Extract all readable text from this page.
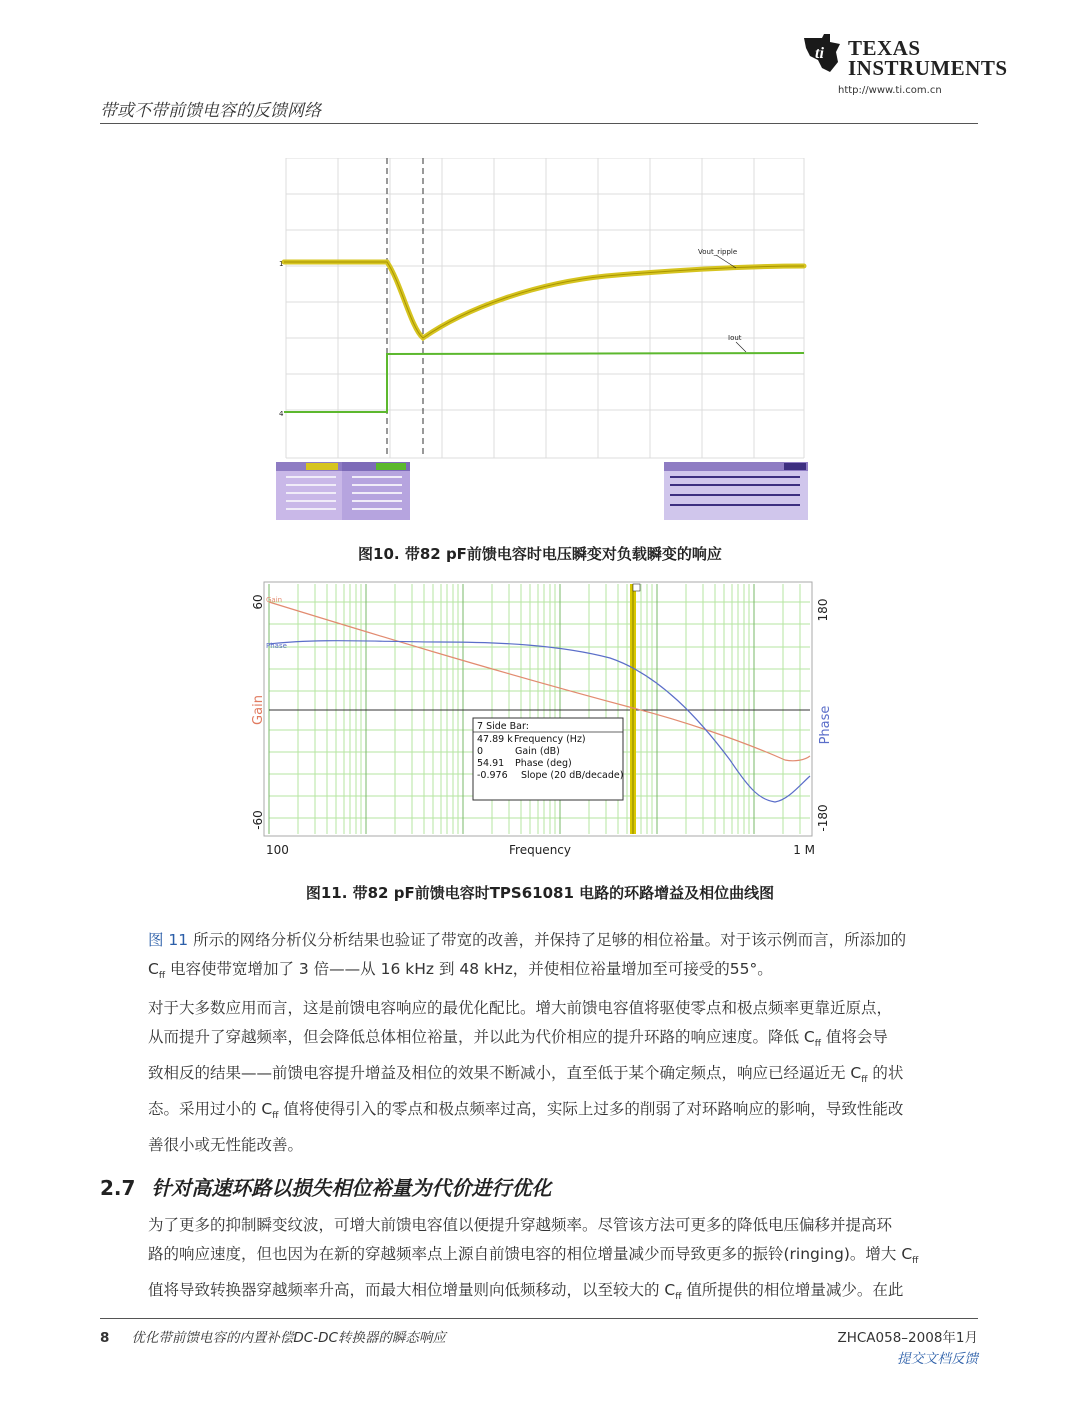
带或不带前馈电容的反馈网络
ti TEXAS
INSTRUMENTS
http://www.ti.com.cn
1
4
Vout_ripple
Iout
图10. 带82 pF前馈电容时电压瞬变对负载瞬变的响应
Gain
Phase
60
-60
Gain
180
-180
Phase
100	Frequency	1 M
7 Side Bar:
47.89 k Frequency (Hz)
0	Gain (dB)
54.91 Phase (deg)
-0.976 Slope (20 dB/decade)
图11. 带82 pF前馈电容时TPS61081 电路的环路增益及相位曲线图
图 11 所示的网络分析仪分析结果也验证了带宽的改善，并保持了足够的相位裕量。对于该示例而言，所添加的
$C_{ff}$ 电容使带宽增加了 3 倍——从 16 kHz 到 48 kHz，并使相位裕量增加至可接受的55°。
对于大多数应用而言，这是前馈电容响应的最优化配比。增大前馈电容值将驱使零点和极点频率更靠近原点，
从而提升了穿越频率，但会降低总体相位裕量，并以此为代价相应的提升环路的响应速度。降低 $C_{ff}$ 值将会导
致相反的结果——前馈电容提升增益及相位的效果不断减小，直至低于某个确定频点，响应已经逼近无 $C_{ff}$ 的状
态。采用过小的 $C_{ff}$ 值将使得引入的零点和极点频率过高，实际上过多的削弱了对环路响应的影响，导致性能改
善很小或无性能改善。
2.7 针对高速环路以损失相位裕量为代价进行优化
为了更多的抑制瞬变纹波，可增大前馈电容值以便提升穿越频率。尽管该方法可更多的降低电压偏移并提高环
路的响应速度，但也因为在新的穿越频率点上源自前馈电容的相位增量减少而导致更多的振铃(ringing)。增大 $C_{ff}$
值将导致转换器穿越频率升高，而最大相位增量则向低频移动，以至较大的 $C_{ff}$ 值所提供的相位增量减少。在此
8 优化带前馈电容的内置补偿DC-DC转换器的瞬态响应	ZHCA058–2008年1月
提交文档反馈
